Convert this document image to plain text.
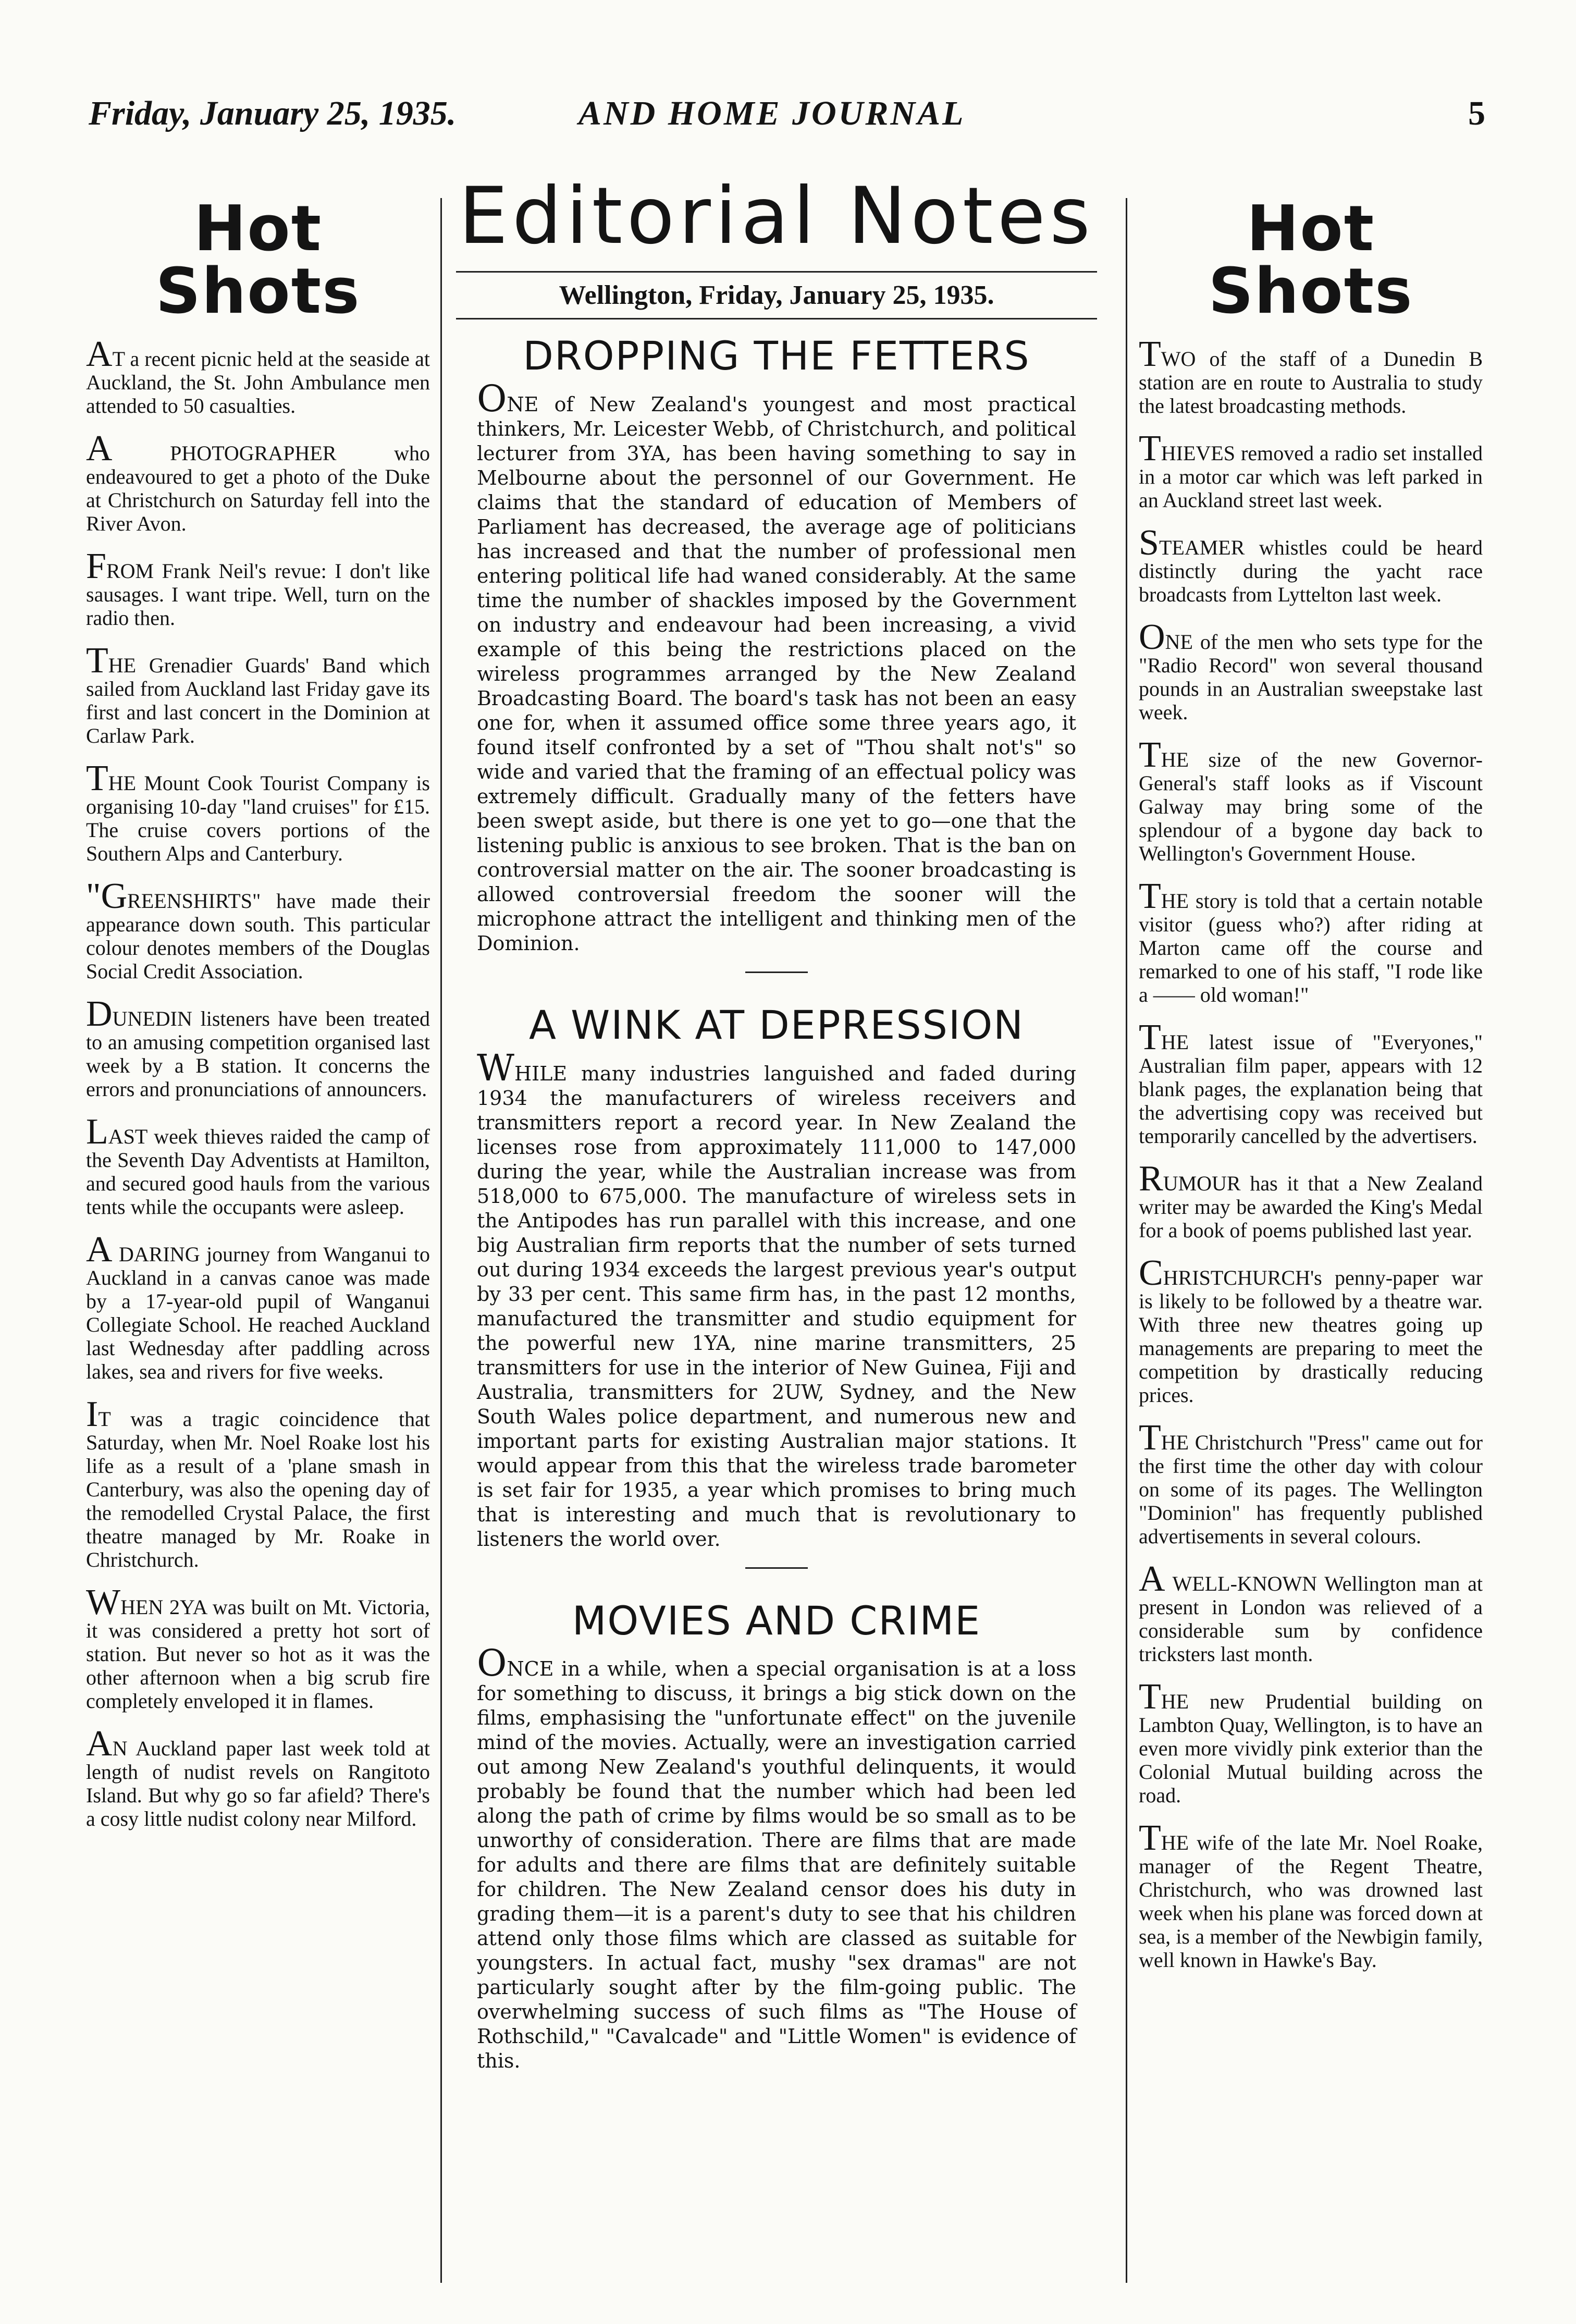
Friday, January 25, 1935.	AND HOME JOURNAL	5
Hot Shots

AT a recent picnic held at the seaside at Auckland, the St. John Ambulance men attended to 50 casualties.

A PHOTOGRAPHER who endeavoured to get a photo of the Duke at Christchurch on Saturday fell into the River Avon.

FROM Frank Neil's revue: I don't like sausages. I want tripe. Well, turn on the radio then.

THE Grenadier Guards' Band which sailed from Auckland last Friday gave its first and last concert in the Dominion at Carlaw Park.

THE Mount Cook Tourist Company is organising 10-day "land cruises" for £15. The cruise covers portions of the Southern Alps and Canterbury.

"GREENSHIRTS" have made their appearance down south. This particular colour denotes members of the Douglas Social Credit Association.

DUNEDIN listeners have been treated to an amusing competition organised last week by a B station. It concerns the errors and pronunciations of announcers.

LAST week thieves raided the camp of the Seventh Day Adventists at Hamilton, and secured good hauls from the various tents while the occupants were asleep.

A DARING journey from Wanganui to Auckland in a canvas canoe was made by a 17-year-old pupil of Wanganui Collegiate School. He reached Auckland last Wednesday after paddling across lakes, sea and rivers for five weeks.

IT was a tragic coincidence that Saturday, when Mr. Noel Roake lost his life as a result of a 'plane smash in Canterbury, was also the opening day of the remodelled Crystal Palace, the first theatre managed by Mr. Roake in Christchurch.

WHEN 2YA was built on Mt. Victoria, it was considered a pretty hot sort of station. But never so hot as it was the other afternoon when a big scrub fire completely enveloped it in flames.

AN Auckland paper last week told at length of nudist revels on Rangitoto Island. But why go so far afield? There's a cosy little nudist colony near Milford.

Editorial Notes
Wellington, Friday, January 25, 1935.
DROPPING THE FETTERS

ONE of New Zealand's youngest and most practical thinkers, Mr. Leicester Webb, of Christchurch, and political lecturer from 3YA, has been having something to say in Melbourne about the personnel of our Government. He claims that the standard of education of Members of Parliament has decreased, the average age of politicians has increased and that the number of professional men entering political life had waned considerably. At the same time the number of shackles imposed by the Government on industry and endeavour had been increasing, a vivid example of this being the restrictions placed on the wireless programmes arranged by the New Zealand Broadcasting Board. The board's task has not been an easy one for, when it assumed office some three years ago, it found itself confronted by a set of "Thou shalt not's" so wide and varied that the framing of an effectual policy was extremely difficult. Gradually many of the fetters have been swept aside, but there is one yet to go—one that the listening public is anxious to see broken. That is the ban on controversial matter on the air. The sooner broadcasting is allowed controversial freedom the sooner will the microphone attract the intelligent and thinking men of the Dominion.

A WINK AT DEPRESSION

WHILE many industries languished and faded during 1934 the manufacturers of wireless receivers and transmitters report a record year. In New Zealand the licenses rose from approximately 111,000 to 147,000 during the year, while the Australian increase was from 518,000 to 675,000. The manufacture of wireless sets in the Antipodes has run parallel with this increase, and one big Australian firm reports that the number of sets turned out during 1934 exceeds the largest previous year's output by 33 per cent. This same firm has, in the past 12 months, manufactured the transmitter and studio equipment for the powerful new 1YA, nine marine transmitters, 25 transmitters for use in the interior of New Guinea, Fiji and Australia, transmitters for 2UW, Sydney, and the New South Wales police department, and numerous new and important parts for existing Australian major stations. It would appear from this that the wireless trade barometer is set fair for 1935, a year which promises to bring much that is interesting and much that is revolutionary to listeners the world over.

MOVIES AND CRIME

ONCE in a while, when a special organisation is at a loss for something to discuss, it brings a big stick down on the films, emphasising the "unfortunate effect" on the juvenile mind of the movies. Actually, were an investigation carried out among New Zealand's youthful delinquents, it would probably be found that the number which had been led along the path of crime by films would be so small as to be unworthy of consideration. There are films that are made for adults and there are films that are definitely suitable for children. The New Zealand censor does his duty in grading them—it is a parent's duty to see that his children attend only those films which are classed as suitable for youngsters. In actual fact, mushy "sex dramas" are not particularly sought after by the film-going public. The overwhelming success of such films as "The House of Rothschild," "Cavalcade" and "Little Women" is evidence of this.

Hot Shots

TWO of the staff of a Dunedin B station are en route to Australia to study the latest broadcasting methods.

THIEVES removed a radio set installed in a motor car which was left parked in an Auckland street last week.

STEAMER whistles could be heard distinctly during the yacht race broadcasts from Lyttelton last week.

ONE of the men who sets type for the "Radio Record" won several thousand pounds in an Australian sweepstake last week.

THE size of the new Governor-General's staff looks as if Viscount Galway may bring some of the splendour of a bygone day back to Wellington's Government House.

THE story is told that a certain notable visitor (guess who?) after riding at Marton came off the course and remarked to one of his staff, "I rode like a —— old woman!"

THE latest issue of "Everyones," Australian film paper, appears with 12 blank pages, the explanation being that the advertising copy was received but temporarily cancelled by the advertisers.

RUMOUR has it that a New Zealand writer may be awarded the King's Medal for a book of poems published last year.

CHRISTCHURCH's penny-paper war is likely to be followed by a theatre war. With three new theatres going up managements are preparing to meet the competition by drastically reducing prices.

THE Christchurch "Press" came out for the first time the other day with colour on some of its pages. The Wellington "Dominion" has frequently published advertisements in several colours.

A WELL-KNOWN Wellington man at present in London was relieved of a considerable sum by confidence tricksters last month.

THE new Prudential building on Lambton Quay, Wellington, is to have an even more vividly pink exterior than the Colonial Mutual building across the road.

THE wife of the late Mr. Noel Roake, manager of the Regent Theatre, Christchurch, who was drowned last week when his plane was forced down at sea, is a member of the Newbigin family, well known in Hawke's Bay.
